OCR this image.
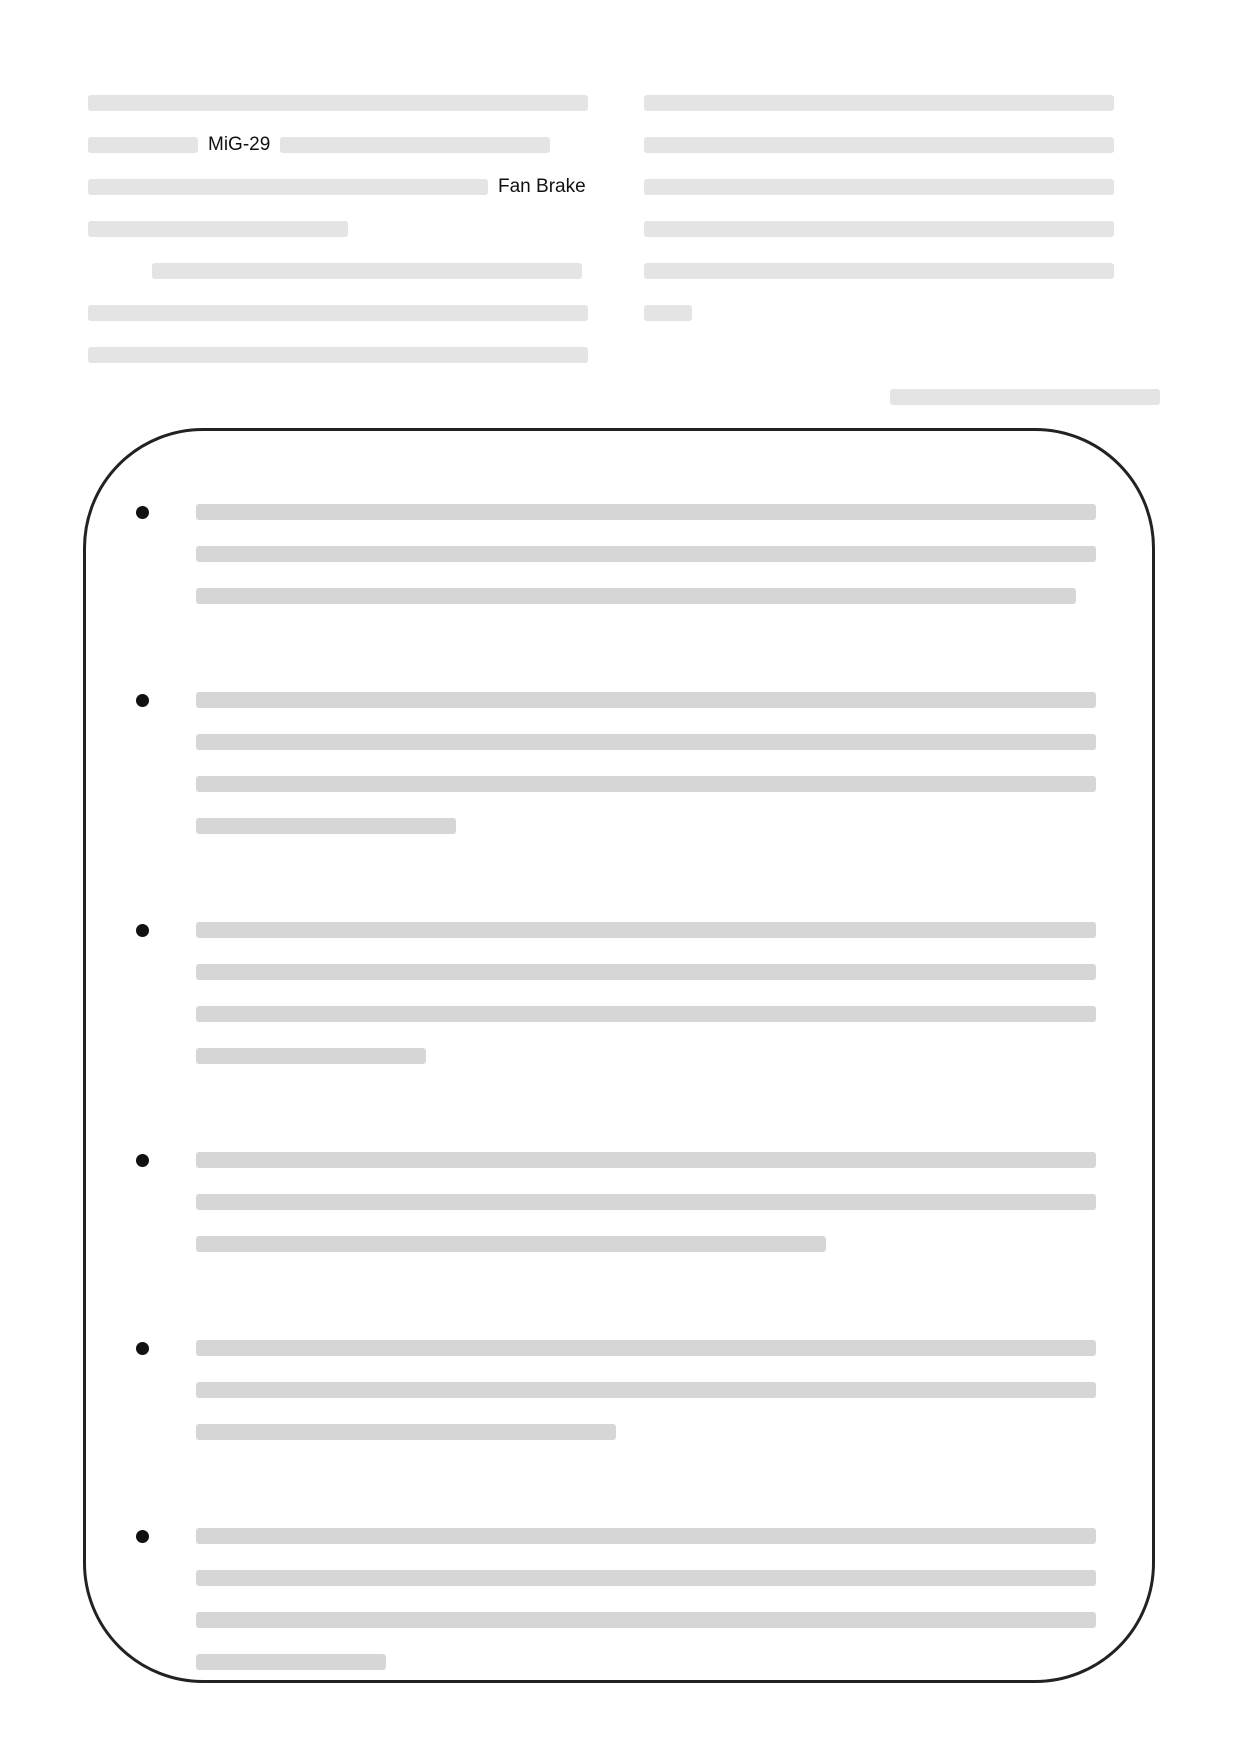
MiG-29
Fan Brake
